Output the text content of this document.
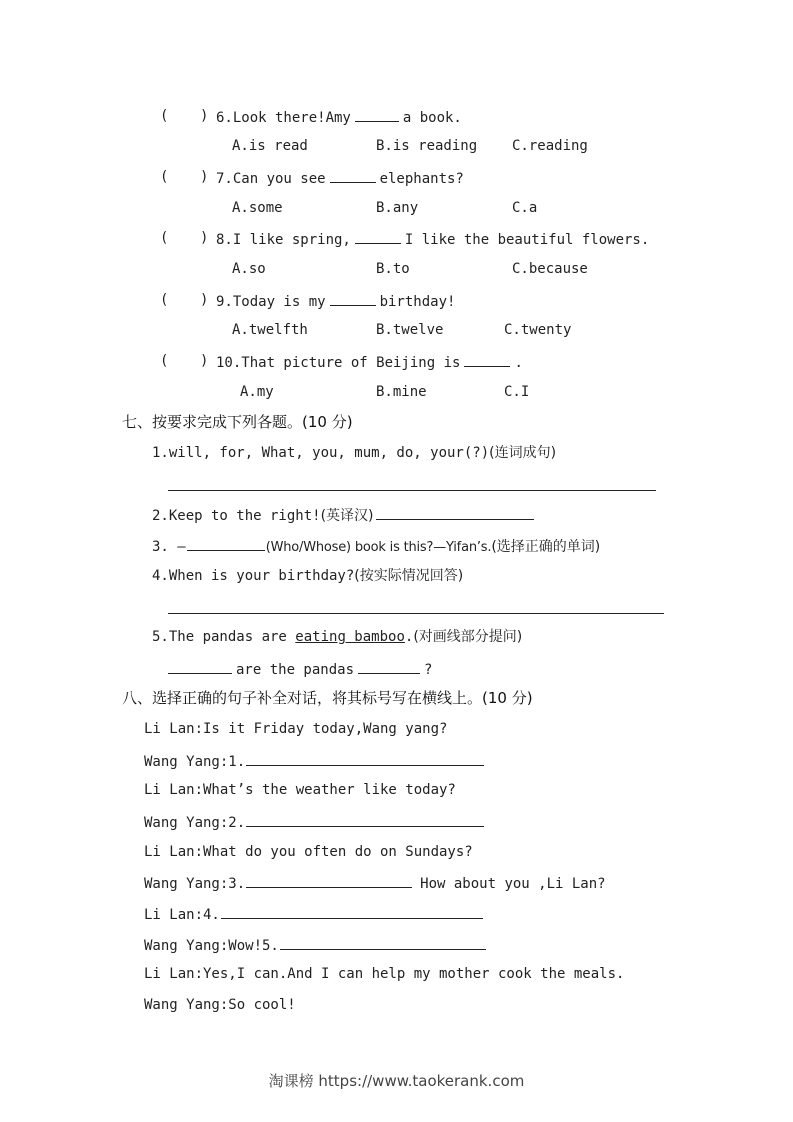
( ) 6.Look there!Amy	a book.
A.is read	B.is reading C.reading
( ) 7.Can you see	elephants?
A.some	B.any	C.a
( ) 8.I like spring,	I like the beautiful flowers.
A.so	B.to	C.because
( ) 9.Today is my	birthday!
A.twelfth	B.twelve	C.twenty
( ) 10.That picture of Beijing is	.
A.my	B.mine	C.I
七、按要求完成下列各题。(10 分)
1.will, for, What, you, mum, do, your(?)(连词成句)
2.Keep to the right!(英译汉)
3. —	(Who/Whose) book is this?—Yifan’s.(选择正确的单词)
4.When is your birthday?(按实际情况回答)
5.The pandas are eating bamboo.(对画线部分提问)
are the pandas	?
八、选择正确的句子补全对话，将其标号写在横线上。(10 分)
Li Lan:Is it Friday today,Wang yang?
Wang Yang:1.
Li Lan:What’s the weather like today?
Wang Yang:2.
Li Lan:What do you often do on Sundays?
Wang Yang:3.	How about you ,Li Lan?
Li Lan:4.
Wang Yang:Wow!5.
Li Lan:Yes,I can.And I can help my mother cook the meals.
Wang Yang:So cool!
淘课榜 https://www.taokerank.com
